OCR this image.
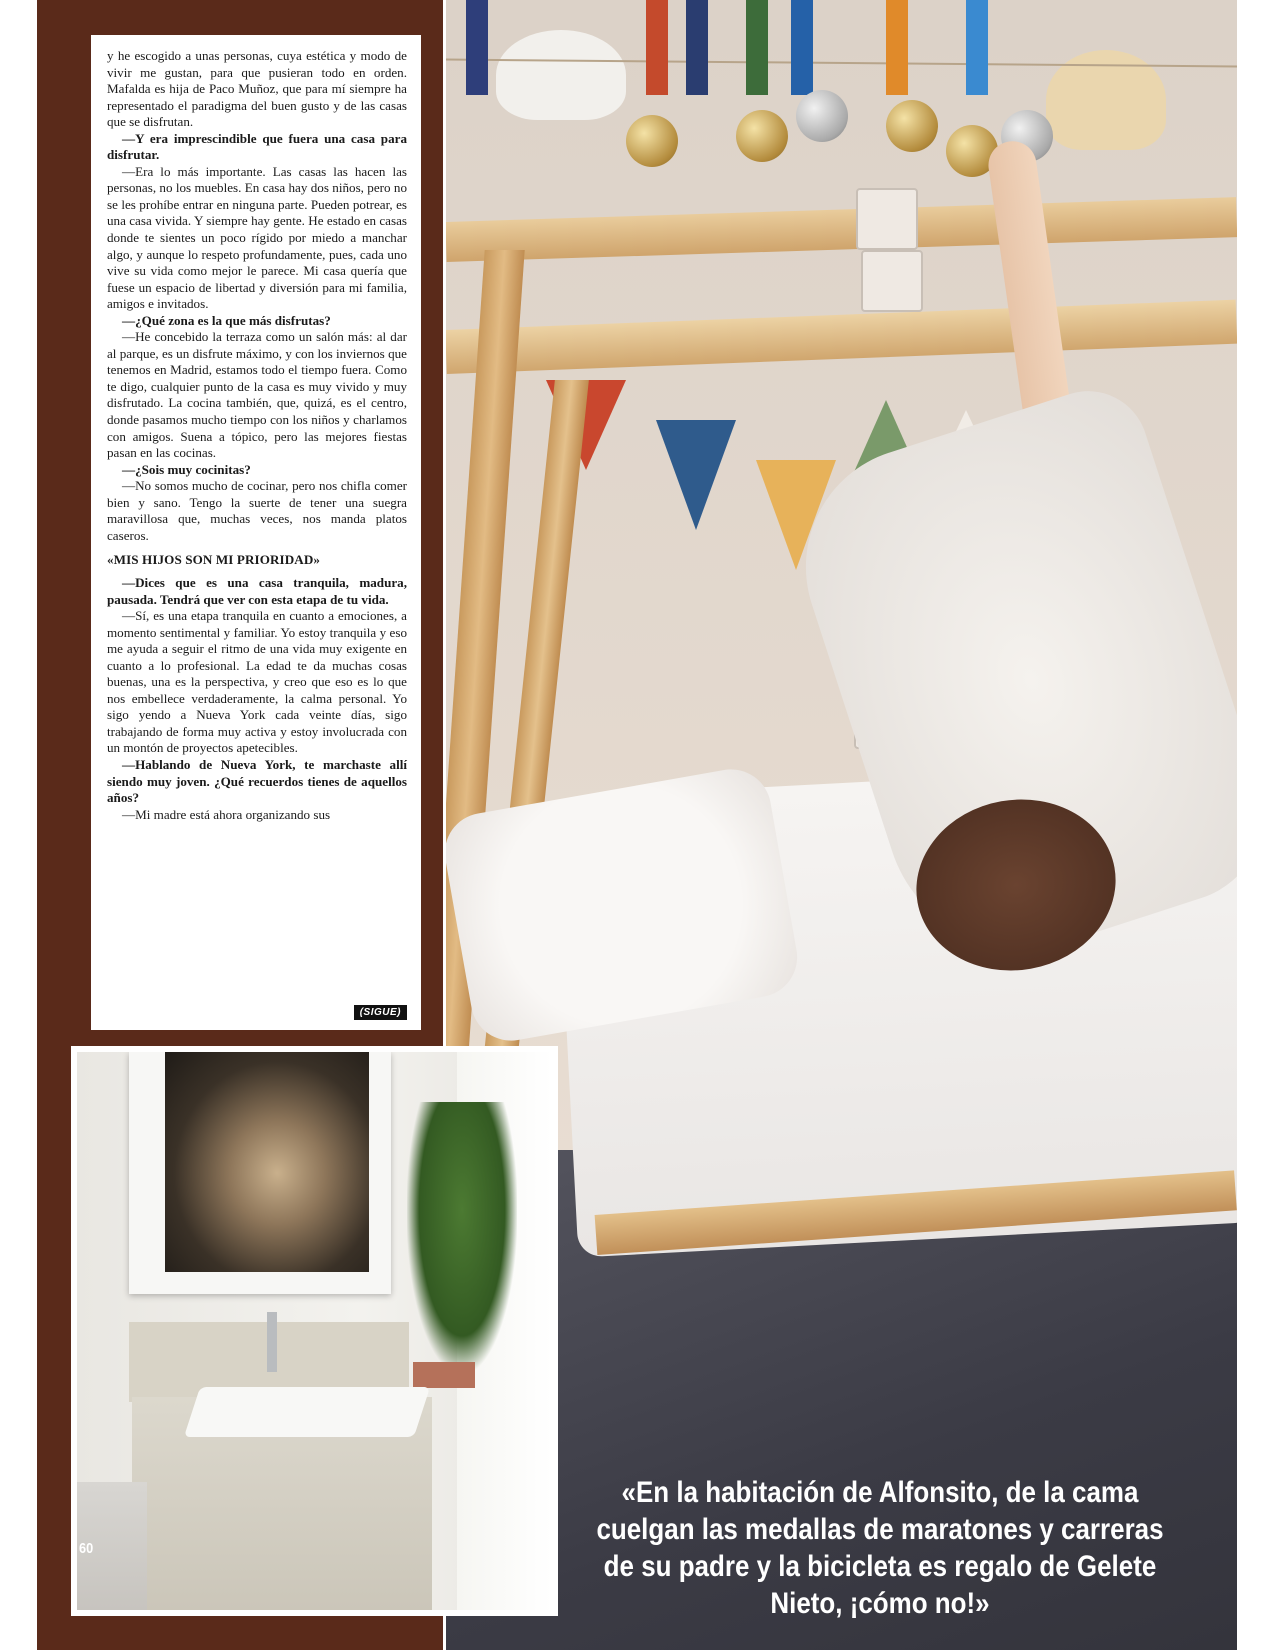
«En la habitación de Alfonsito, de la cama cuelgan las medallas de maratones y carreras de su padre y la bicicleta es regalo de Gelete Nieto, ¡cómo no!»

y he escogido a unas personas, cuya estética y modo de vivir me gustan, para que pusieran todo en orden. Mafalda es hija de Paco Muñoz, que para mí siempre ha representado el paradigma del buen gusto y de las casas que se disfrutan.

—Y era imprescindible que fuera una casa para disfrutar.

—Era lo más importante. Las casas las hacen las personas, no los muebles. En casa hay dos niños, pero no se les prohíbe entrar en ninguna parte. Pueden potrear, es una casa vivida. Y siempre hay gente. He estado en casas donde te sientes un poco rígido por miedo a manchar algo, y aunque lo respeto profundamente, pues, cada uno vive su vida como mejor le parece. Mi casa quería que fuese un espacio de libertad y diversión para mi familia, amigos e invitados.

—¿Qué zona es la que más disfrutas?

—He concebido la terraza como un salón más: al dar al parque, es un disfrute máximo, y con los inviernos que tenemos en Madrid, estamos todo el tiempo fuera. Como te digo, cualquier punto de la casa es muy vivido y muy disfrutado. La cocina también, que, quizá, es el centro, donde pasamos mucho tiempo con los niños y charlamos con amigos. Suena a tópico, pero las mejores fiestas pasan en las cocinas.

—¿Sois muy cocinitas?

—No somos mucho de cocinar, pero nos chifla comer bien y sano. Tengo la suerte de tener una suegra maravillosa que, muchas veces, nos manda platos caseros.

«MIS HIJOS SON MI PRIORIDAD»

—Dices que es una casa tranquila, madura, pausada. Tendrá que ver con esta etapa de tu vida.

—Sí, es una etapa tranquila en cuanto a emociones, a momento sentimental y familiar. Yo estoy tranquila y eso me ayuda a seguir el ritmo de una vida muy exigente en cuanto a lo profesional. La edad te da muchas cosas buenas, una es la perspectiva, y creo que eso es lo que nos embellece verdaderamente, la calma personal. Yo sigo yendo a Nueva York cada veinte días, sigo trabajando de forma muy activa y estoy involucrada con un montón de proyectos apetecibles.

—Hablando de Nueva York, te marchaste allí siendo muy joven. ¿Qué recuerdos tienes de aquellos años?

—Mi madre está ahora organizando sus

(SIGUE)
60
